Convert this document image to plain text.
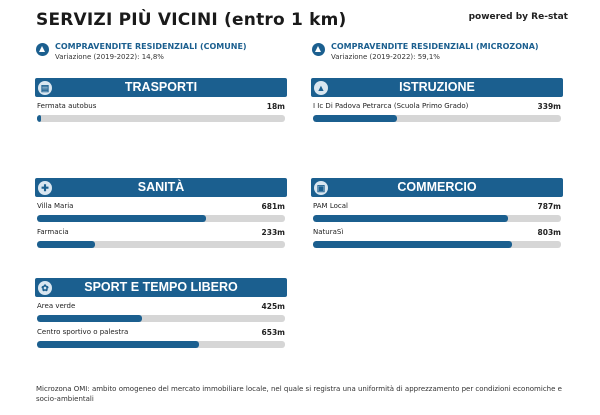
SERVIZI PIÙ VICINI (entro 1 km)	powered by Re-stat
COMPRAVENDITE RESIDENZIALI (COMUNE)
Variazione (2019-2022): 14,8%
COMPRAVENDITE RESIDENZIALI (MICROZONA)
Variazione (2019-2022): 59,1%
▤	TRASPORTI
Fermata autobus	18m
▲	ISTRUZIONE
I Ic Di Padova Petrarca (Scuola Primo Grado)	339m
✚	SANITÀ
Villa Maria	681m
Farmacia	233m
▣	COMMERCIO
PAM Local	787m
NaturaSì	803m
✿	SPORT E TEMPO LIBERO
Area verde	425m
Centro sportivo o palestra	653m
Microzona OMI: ambito omogeneo del mercato immobiliare locale, nel quale si registra una uniformità di apprezzamento per condizioni economiche e socio-ambientali
